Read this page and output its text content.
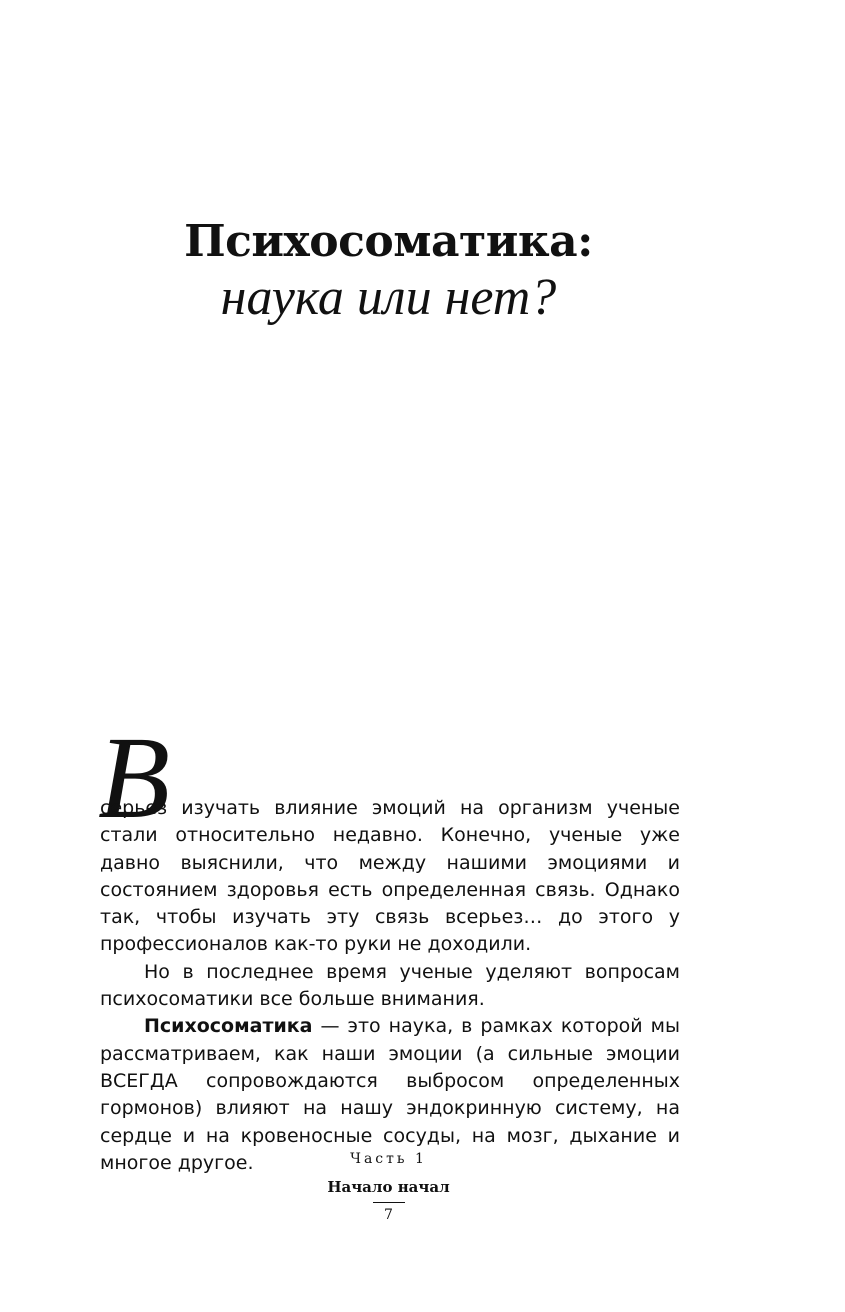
Психосоматика:
наука или нет?

В
серьез изучать влияние эмоций на организм ученые стали относительно недавно. Конечно, ученые уже давно выяснили, что между нашими эмоциями и состоянием здоровья есть определенная связь. Однако так, чтобы изучать эту связь всерьез… до этого у профессионалов как-то руки не доходили.

Но в последнее время ученые уделяют вопросам психосоматики все больше внимания.

Психосоматика — это наука, в рамках которой мы рассматриваем, как наши эмоции (а сильные эмоции ВСЕГДА сопровождаются выбросом определенных гормонов) влияют на нашу эндокринную систему, на сердце и на кровеносные сосуды, на мозг, дыхание и многое другое.	Часть 1
Начало начал
7
